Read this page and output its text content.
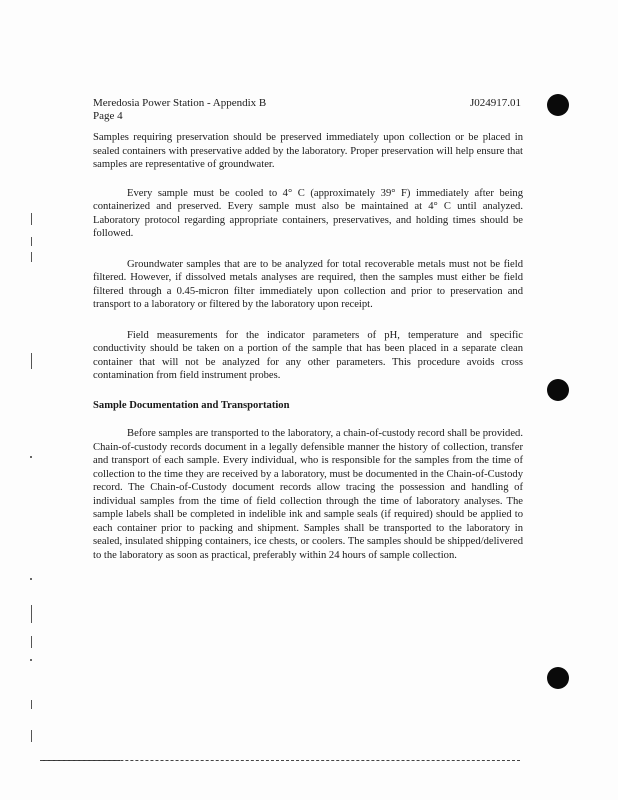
Meredosia Power Station - Appendix B
Page 4
J024917.01

Samples requiring preservation should be preserved immediately upon collection or be placed in sealed containers with preservative added by the laboratory. Proper preservation will help ensure that samples are representative of groundwater.

Every sample must be cooled to 4° C (approximately 39° F) immediately after being containerized and preserved. Every sample must also be maintained at 4° C until analyzed. Laboratory protocol regarding appropriate containers, preservatives, and holding times should be followed.

Groundwater samples that are to be analyzed for total recoverable metals must not be field filtered. However, if dissolved metals analyses are required, then the samples must either be field filtered through a 0.45-micron filter immediately upon collection and prior to preservation and transport to a laboratory or filtered by the laboratory upon receipt.

Field measurements for the indicator parameters of pH, temperature and specific conductivity should be taken on a portion of the sample that has been placed in a separate clean container that will not be analyzed for any other parameters. This procedure avoids cross contamination from field instrument probes.

Sample Documentation and Transportation

Before samples are transported to the laboratory, a chain-of-custody record shall be provided. Chain-of-custody records document in a legally defensible manner the history of collection, transfer and transport of each sample. Every individual, who is responsible for the samples from the time of collection to the time they are received by a laboratory, must be documented in the Chain-of-Custody record. The Chain-of-Custody document records allow tracing the possession and handling of individual samples from the time of field collection through the time of laboratory analyses. The sample labels shall be completed in indelible ink and sample seals (if required) should be applied to each container prior to packing and shipment. Samples shall be transported to the laboratory in sealed, insulated shipping containers, ice chests, or coolers. The samples should be shipped/delivered to the laboratory as soon as practical, preferably within 24 hours of sample collection.
